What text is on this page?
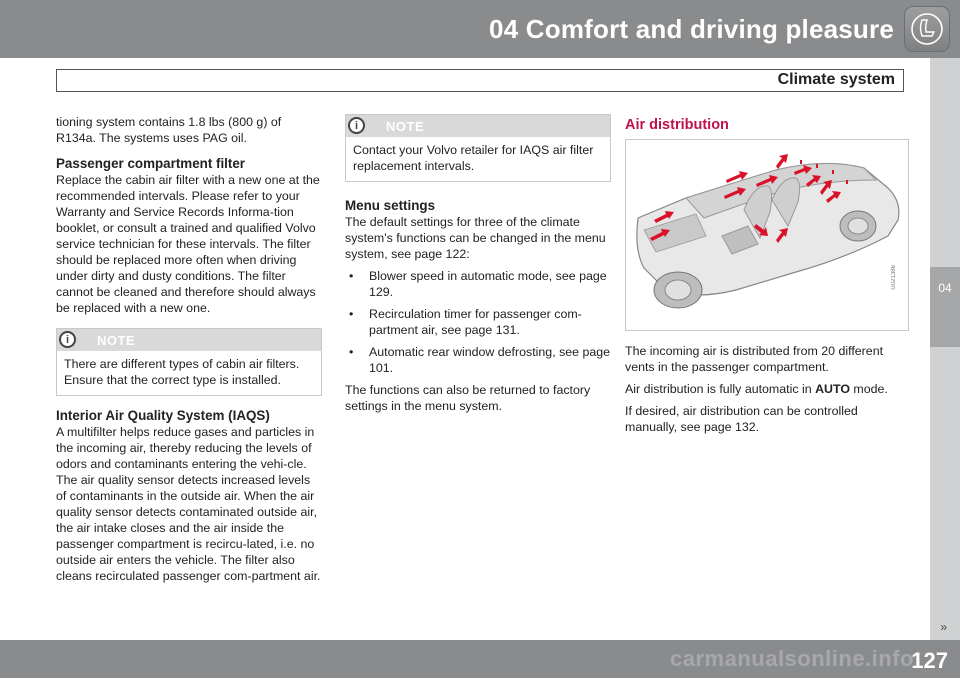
04 Comfort and driving pleasure
Climate system
04

tioning system contains 1.8 lbs (800 g) of R134a. The systems uses PAG oil.

Passenger compartment filter

Replace the cabin air filter with a new one at the recommended intervals. Please refer to your Warranty and Service Records Informa-tion booklet, or consult a trained and qualified Volvo service technician for these intervals. The filter should be replaced more often when driving under dirty and dusty conditions. The filter cannot be cleaned and therefore should always be replaced with a new one.

i	NOTE
There are different types of cabin air filters. Ensure that the correct type is installed.
Interior Air Quality System (IAQS)

A multifilter helps reduce gases and particles in the incoming air, thereby reducing the levels of odors and contaminants entering the vehi-cle. The air quality sensor detects increased levels of contaminants in the outside air. When the air quality sensor detects contaminated outside air, the air intake closes and the air inside the passenger compartment is recircu-lated, i.e. no outside air enters the vehicle. The filter also cleans recirculated passenger com-partment air.

i	NOTE
Contact your Volvo retailer for IAQS air filter replacement intervals.
Menu settings

The default settings for three of the climate system's functions can be changed in the menu system, see page 122:

• Blower speed in automatic mode, see page 129.
• Recirculation timer for passenger com-partment air, see page 131.
• Automatic rear window defrosting, see page 101.

The functions can also be returned to factory settings in the menu system.

Air distribution
G021386

The incoming air is distributed from 20 different vents in the passenger compartment.

Air distribution is fully automatic in AUTO mode.

If desired, air distribution can be controlled manually, see page 132.

»
carmanualsonline.info
127
